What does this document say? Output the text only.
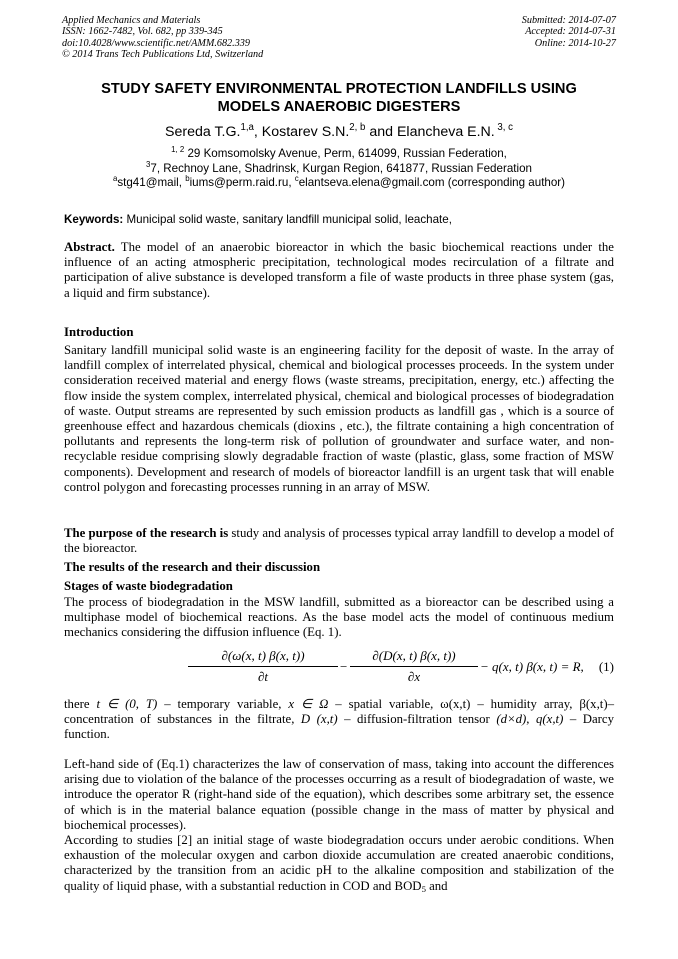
Applied Mechanics and Materials
ISSN: 1662-7482, Vol. 682, pp 339-345
doi:10.4028/www.scientific.net/AMM.682.339
© 2014 Trans Tech Publications Ltd, Switzerland
Submitted: 2014-07-07
Accepted: 2014-07-31
Online: 2014-10-27
STUDY SAFETY ENVIRONMENTAL PROTECTION LANDFILLS USING
MODELS ANAEROBIC DIGESTERS
Sereda T.G.$^{1,a}$, Kostarev S.N.$^{2, b}$ and Elancheva E.N. $^{3, c}$
$^{1, 2}$ 29 Komsomolsky Avenue, Perm, 614099, Russian Federation,
$^3$7, Rechnoy Lane, Shadrinsk, Kurgan Region, 641877, Russian Federation
$^a$stg41@mail, $^b$iums@perm.raid.ru, $^c$elantseva.elena@gmail.com (corresponding author)
Keywords: Municipal solid waste, sanitary landfill municipal solid, leachate,
Abstract. The model of an anaerobic bioreactor in which the basic biochemical reactions under the influence of an acting atmospheric precipitation, technological modes recirculation of a filtrate and participation of alive substance is developed transform a file of waste products in three phase system (gas, a liquid and firm substance).
Introduction
Sanitary landfill municipal solid waste is an engineering facility for the deposit of waste. In the array of landfill complex of interrelated physical, chemical and biological processes proceeds. In the system under consideration received material and energy flows (waste streams, precipitation, energy, etc.) affecting the flow inside the system complex, interrelated physical, chemical and biological processes of biodegradation of waste. Output streams are represented by such emission products as landfill gas , which is a source of greenhouse effect and hazardous chemicals (dioxins , etc.), the filtrate containing a high concentration of pollutants and represents the long-term risk of pollution of groundwater and surface water, and non-recyclable residue comprising slowly degradable fraction of waste (plastic, glass, some fraction of MSW components). Development and research of models of bioreactor landfill is an urgent task that will enable control polygon and forecasting processes running in an array of MSW.
The purpose of the research is study and analysis of processes typical array landfill to develop a model of the bioreactor.
The results of the research and their discussion
Stages of waste biodegradation
The process of biodegradation in the MSW landfill, submitted as a bioreactor can be described using a multiphase model of biochemical reactions. As the base model acts the model of continuous medium mechanics considering the diffusion influence (Eq. 1).
$\frac{\partial(\omega(x, t) \beta(x, t))}{\partial t} - \frac{\partial(D(x, t) \beta(x, t))}{\partial x} - q(x$, t) β(x, t) = R, (1)
there t ∈ (0, T) – temporary variable, x ∈ Ω – spatial variable, ω(x,t) – humidity array, β(x,t)– concentration of substances in the filtrate, D (x,t) – diffusion-filtration tensor (d×d), q(x,t) – Darcy function.
Left-hand side of (Eq.1) characterizes the law of conservation of mass, taking into account the differences arising due to violation of the balance of the processes occurring as a result of biodegradation of waste, we introduce the operator R (right-hand side of the equation), which describes some arbitrary set, the essence of which is in the material balance equation (possible change in the mass of matter by physical and biochemical processes).
According to studies [2] an initial stage of waste biodegradation occurs under aerobic conditions. When exhaustion of the molecular oxygen and carbon dioxide accumulation are created anaerobic conditions, characterized by the transition from an acidic pH to the alkaline composition and stabilization of the quality of liquid phase, with a substantial reduction in COD and $BOD_5$ and
